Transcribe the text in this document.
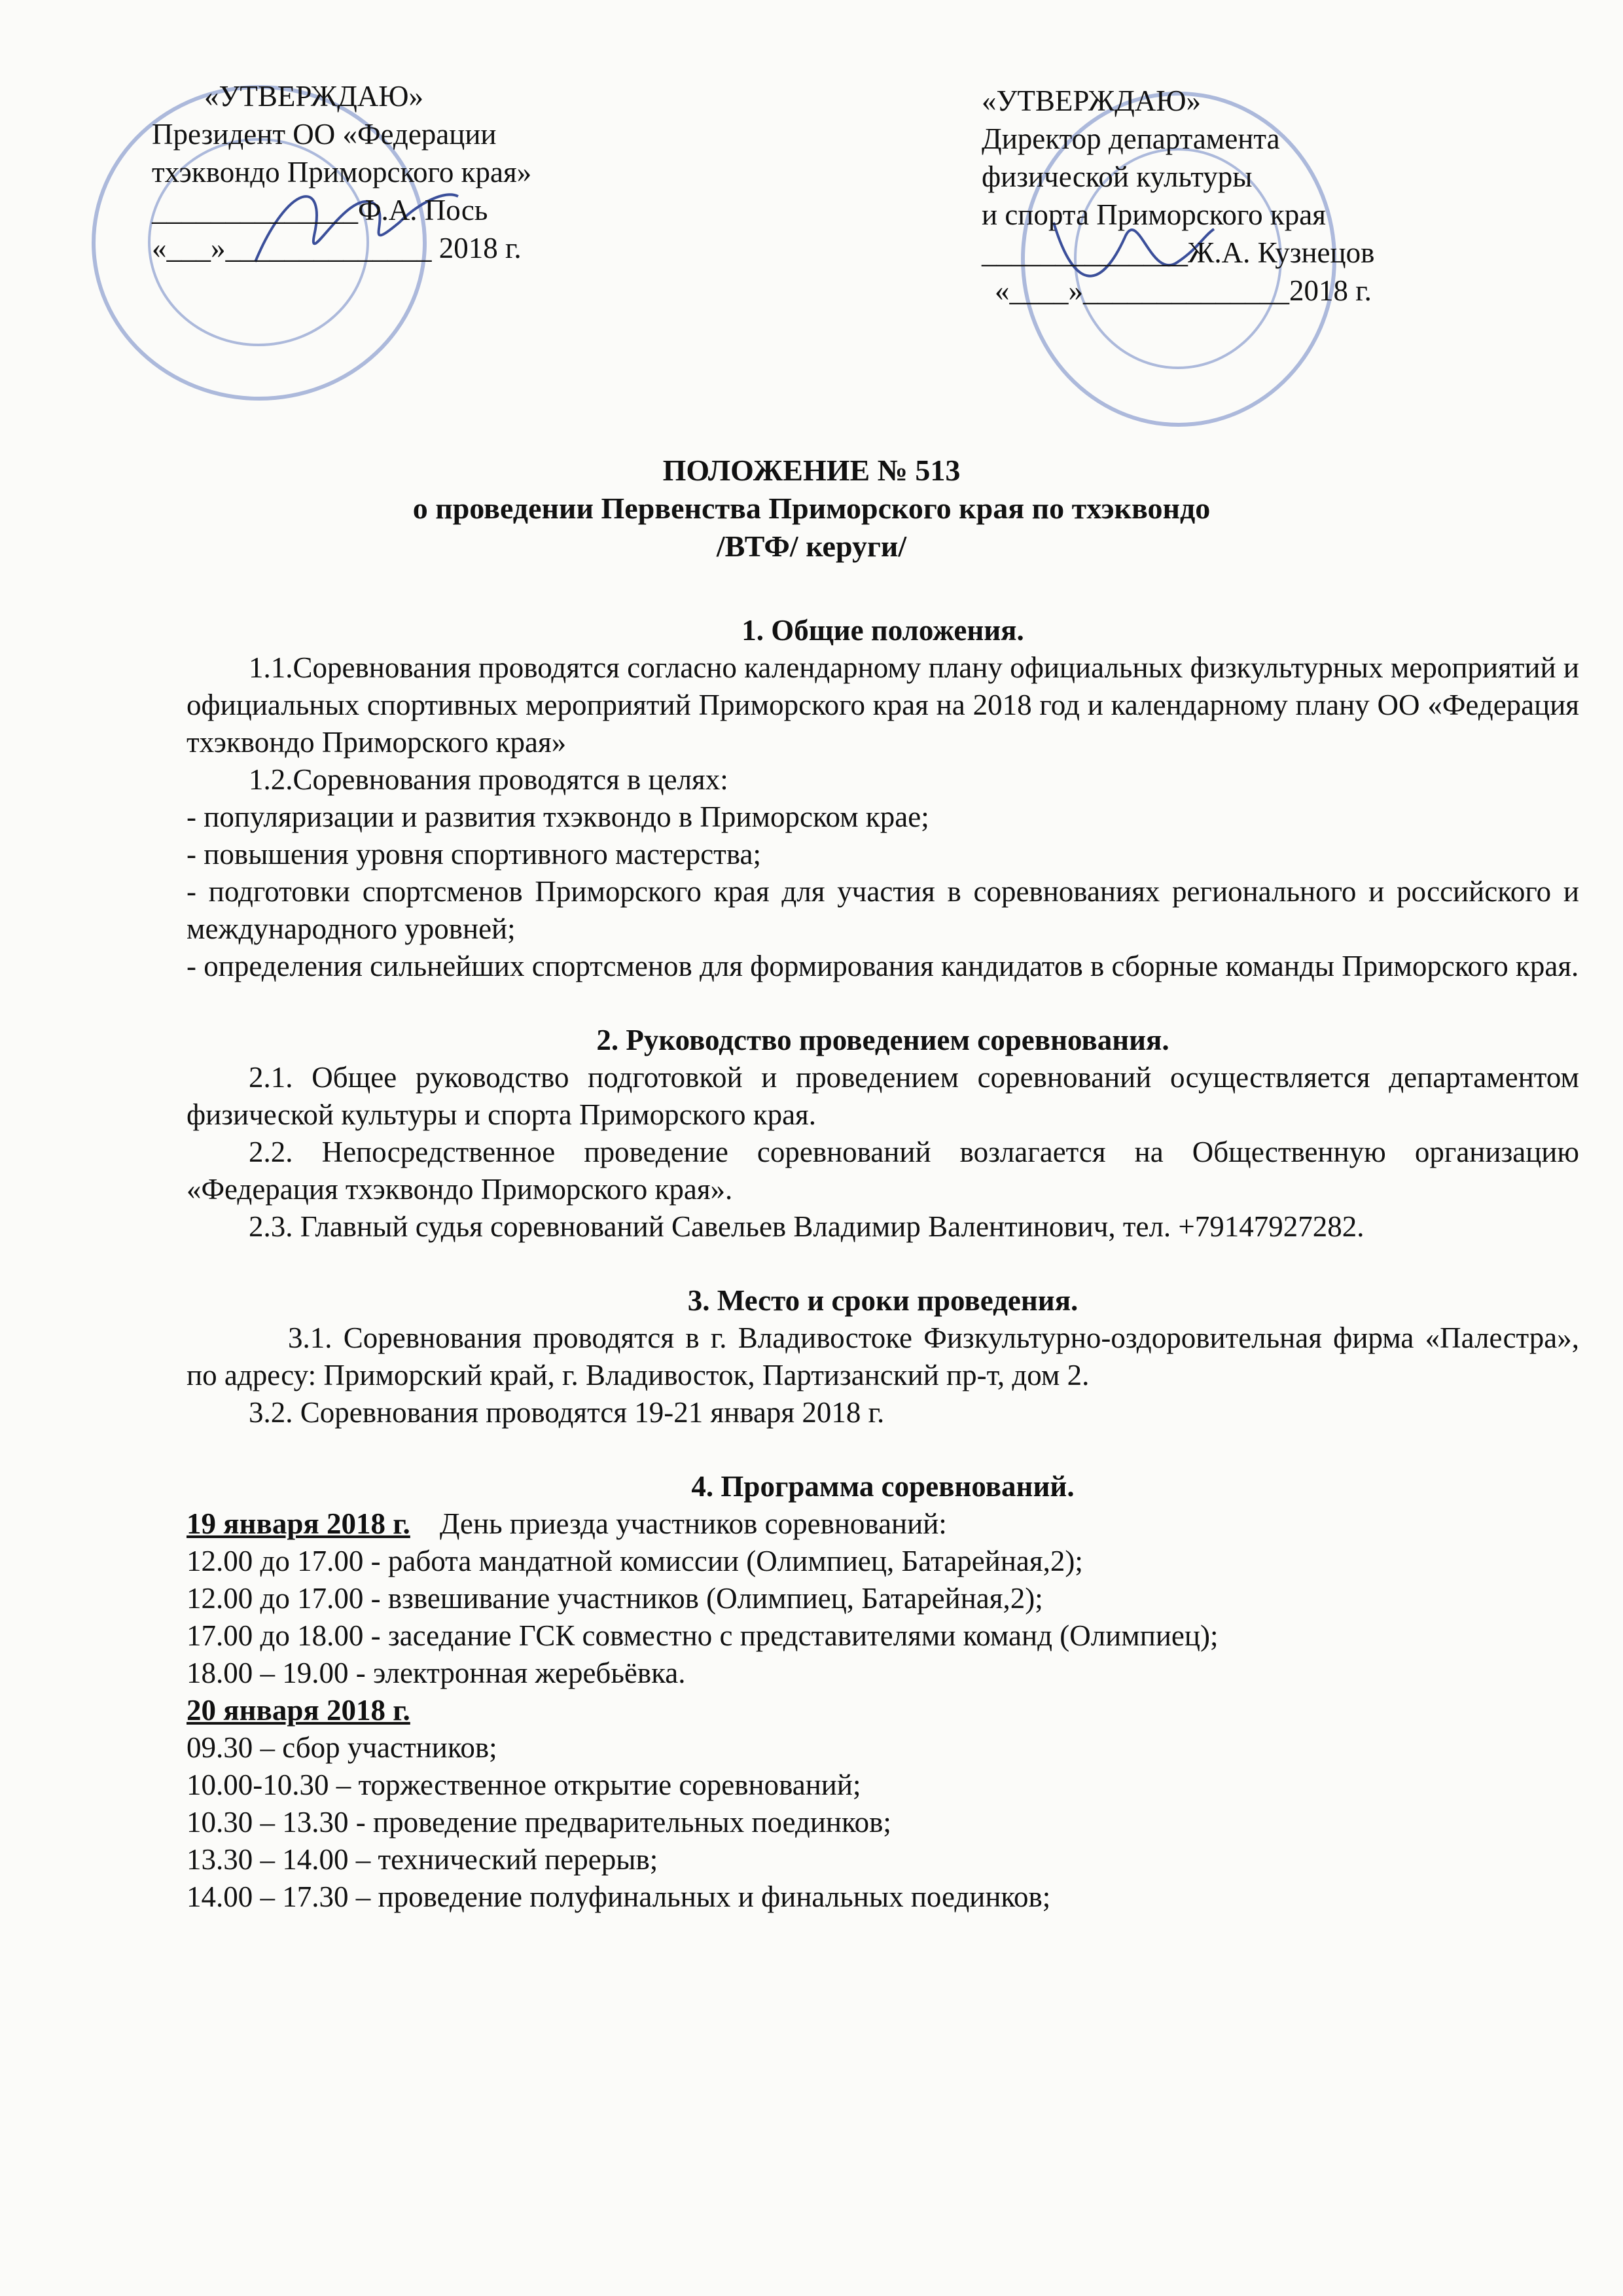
«УТВЕРЖДАЮ»
Президент ОО «Федерации
тхэквондо Приморского края»
______________Ф.А. Пось
«___»______________ 2018 г.
«УТВЕРЖДАЮ»
Директор департамента
физической культуры
и спорта Приморского края
______________Ж.А. Кузнецов
«____»______________2018 г.
ПОЛОЖЕНИЕ № 513
о проведении Первенства Приморского края по тхэквондо
/ВТФ/ керуги/

1. Общие положения.

1.1.Соревнования проводятся согласно календарному плану официальных физкультурных мероприятий и официальных спортивных мероприятий Приморского края на 2018 год и календарному плану ОО «Федерация тхэквондо Приморского края»

1.2.Соревнования проводятся в целях:

- популяризации и развития тхэквондо в Приморском крае;

- повышения уровня спортивного мастерства;

- подготовки спортсменов Приморского края для участия в соревнованиях регионального и российского и международного уровней;

- определения сильнейших спортсменов для формирования кандидатов в сборные команды Приморского края.

2. Руководство проведением соревнования.

2.1. Общее руководство подготовкой и проведением соревнований осуществляется департаментом физической культуры и спорта Приморского края.

2.2. Непосредственное проведение соревнований возлагается на Общественную организацию «Федерация тхэквондо Приморского края».

2.3. Главный судья соревнований Савельев Владимир Валентинович, тел. +79147927282.

3. Место и сроки проведения.

3.1. Соревнования проводятся в г. Владивостоке Физкультурно-оздоровительная фирма «Палестра», по адресу: Приморский край, г. Владивосток, Партизанский пр-т, дом 2.

3.2. Соревнования проводятся 19-21 января 2018 г.

4. Программа соревнований.

19 января 2018 г. День приезда участников соревнований:

12.00 до 17.00 - работа мандатной комиссии (Олимпиец, Батарейная,2);

12.00 до 17.00 - взвешивание участников (Олимпиец, Батарейная,2);

17.00 до 18.00 - заседание ГСК совместно с представителями команд (Олимпиец);

18.00 – 19.00 - электронная жеребьёвка.

20 января 2018 г.

09.30 – сбор участников;

10.00-10.30 – торжественное открытие соревнований;

10.30 – 13.30 - проведение предварительных поединков;

13.30 – 14.00 – технический перерыв;

14.00 – 17.30 – проведение полуфинальных и финальных поединков;
